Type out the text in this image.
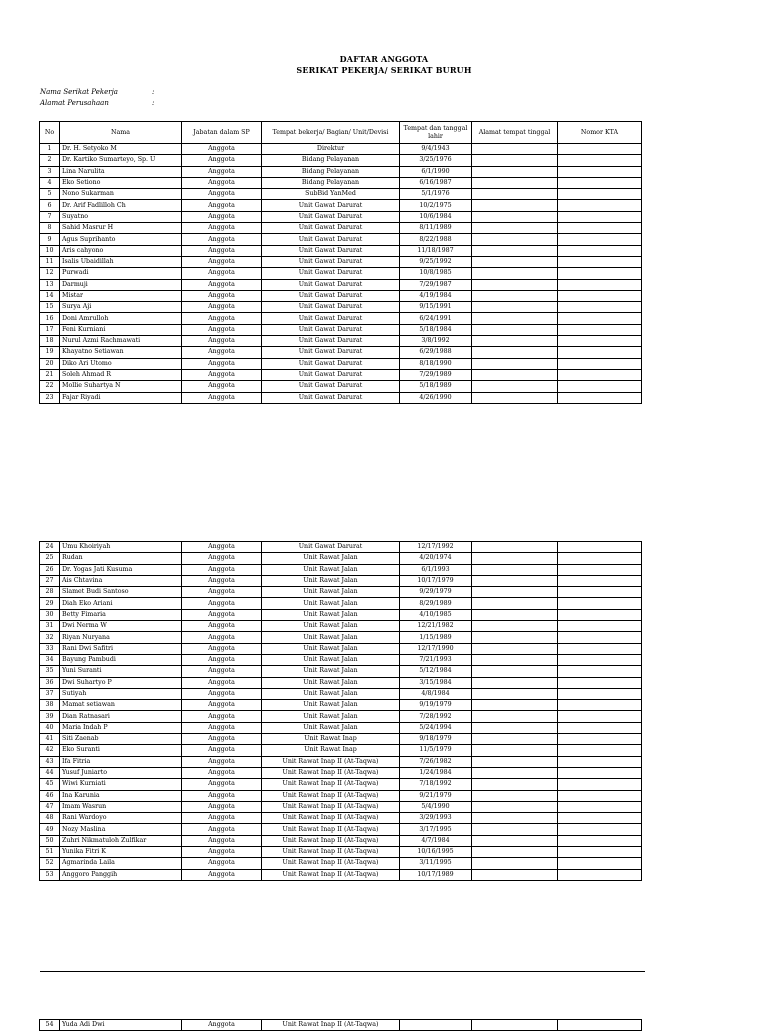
DAFTAR ANGGOTA
SERIKAT PEKERJA/ SERIKAT BURUH
Nama Serikat Pekerja	:
Alamat Perusahaan	:
No	Nama	Jabatan dalam SP	Tempat bekerja/ Bagian/ Unit/Devisi	Tempat dan tanggal lahir	Alamat tempat tinggal	Nomor KTA
1	Dr. H. Setyoko M	Anggota	Direktur	9/4/1943		
2	Dr. Kartiko Sumarteyo, Sp. U	Anggota	Bidang Pelayanan	3/25/1976		
3	Lina Narulita	Anggota	Bidang Pelayanan	6/1/1990		
4	Eko Setiono	Anggota	Bidang Pelayanan	6/16/1987		
5	Nono Sukarman	Anggota	SubBid YanMed	5/1/1976		
6	Dr. Arif Fadlilloh Ch	Anggota	Unit Gawat Darurat	10/2/1975		
7	Suyatno	Anggota	Unit Gawat Darurat	10/6/1984		
8	Sahid Masrur H	Anggota	Unit Gawat Darurat	8/11/1989		
9	Agus Suprihanto	Anggota	Unit Gawat Darurat	8/22/1988		
10	Aris cahyono	Anggota	Unit Gawat Darurat	11/18/1987		
11	Isalis Ubaidillah	Anggota	Unit Gawat Darurat	9/25/1992		
12	Purwadi	Anggota	Unit Gawat Darurat	10/8/1985		
13	Darmuji	Anggota	Unit Gawat Darurat	7/29/1987		
14	Mistar	Anggota	Unit Gawat Darurat	4/19/1984		
15	Surya Aji	Anggota	Unit Gawat Darurat	9/15/1991		
16	Doni Amrulloh	Anggota	Unit Gawat Darurat	6/24/1991		
17	Feni Kurniani	Anggota	Unit Gawat Darurat	5/18/1984		
18	Nurul Azmi Rachmawati	Anggota	Unit Gawat Darurat	3/8/1992		
19	Khayatno Setiawan	Anggota	Unit Gawat Darurat	6/29/1988		
20	Diko Ari Utomo	Anggota	Unit Gawat Darurat	8/18/1990		
21	Soleh Ahmad R	Anggota	Unit Gawat Darurat	7/29/1989		
22	Mollie Suhartya N	Anggota	Unit Gawat Darurat	5/18/1989		
23	Fajar Riyadi	Anggota	Unit Gawat Darurat	4/26/1990		
24	Umu Khoiriyah	Anggota	Unit Gawat Darurat	12/17/1992		
25	Rudan	Anggota	Unit Rawat Jalan	4/20/1974		
26	Dr. Yogas Jati Kusuma	Anggota	Unit Rawat Jalan	6/1/1993		
27	Ais Chtavina	Anggota	Unit Rawat Jalan	10/17/1979		
28	Slamet Budi Santoso	Anggota	Unit Rawat Jalan	9/29/1979		
29	Diah Eko Ariani	Anggota	Unit Rawat Jalan	8/29/1989		
30	Betty Fimaria	Anggota	Unit Rawat Jalan	4/10/1985		
31	Dwi Nerma W	Anggota	Unit Rawat Jalan	12/21/1982		
32	Riyan Nuryana	Anggota	Unit Rawat Jalan	1/15/1989		
33	Rani Dwi Safitri	Anggota	Unit Rawat Jalan	12/17/1990		
34	Bayung Pambudi	Anggota	Unit Rawat Jalan	7/21/1993		
35	Yuni Suranti	Anggota	Unit Rawat Jalan	5/12/1984		
36	Dwi Suhartyo P	Anggota	Unit Rawat Jalan	3/15/1984		
37	Sutiyah	Anggota	Unit Rawat Jalan	4/8/1984		
38	Mamat setiawan	Anggota	Unit Rawat Jalan	9/19/1979		
39	Dian Ratnasari	Anggota	Unit Rawat Jalan	7/28/1992		
40	Maria Indah P	Anggota	Unit Rawat Jalan	5/24/1994		
41	Siti Zaenab	Anggota	Unit Rawat Inap	9/18/1979		
42	Eko Suranti	Anggota	Unit Rawat Inap	11/5/1979		
43	Ifa Fitria	Anggota	Unit Rawat Inap II (At-Taqwa)	7/26/1982		
44	Yusuf Juniarto	Anggota	Unit Rawat Inap II (At-Taqwa)	1/24/1984		
45	Wiwi Kurniati	Anggota	Unit Rawat Inap II (At-Taqwa)	7/18/1992		
46	Ina Karunia	Anggota	Unit Rawat Inap II (At-Taqwa)	9/21/1979		
47	Imam Wasrun	Anggota	Unit Rawat Inap II (At-Taqwa)	5/4/1990		
48	Rani Wardoyo	Anggota	Unit Rawat Inap II (At-Taqwa)	3/29/1993		
49	Nozy Maslina	Anggota	Unit Rawat Inap II (At-Taqwa)	3/17/1995		
50	Zuhri Nikmatuloh Zulfikar	Anggota	Unit Rawat Inap II (At-Taqwa)	4/7/1984		
51	Yunika Fitri K	Anggota	Unit Rawat Inap II (At-Taqwa)	10/16/1995		
52	Agmarinda Laila	Anggota	Unit Rawat Inap II (At-Taqwa)	3/11/1995		
53	Anggoro Panggih	Anggota	Unit Rawat Inap II (At-Taqwa)	10/17/1989		
54	Yuda Adi Dwi	Anggota	Unit Rawat Inap II (At-Taqwa)			
